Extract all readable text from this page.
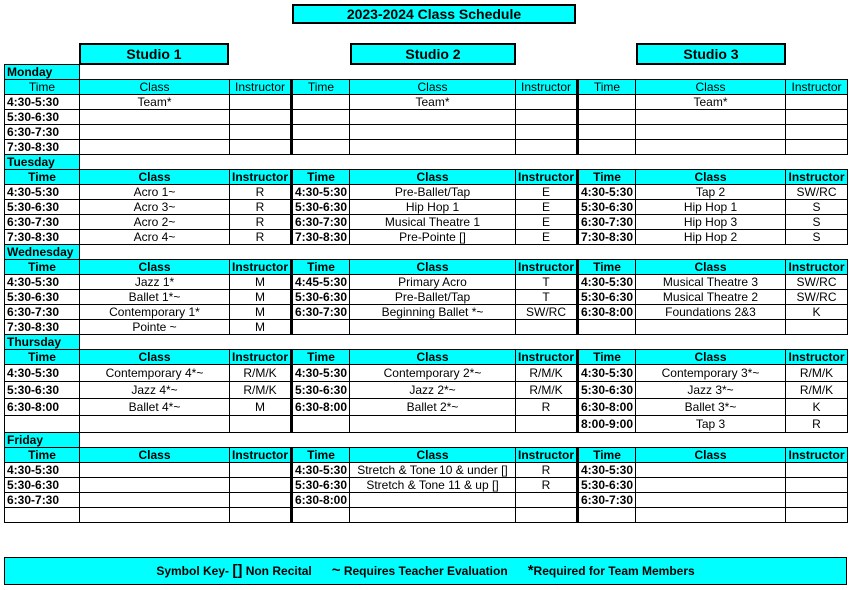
2023-2024 Class Schedule
Studio 1	Studio 2	Studio 3
Monday								
Time	Class	Instructor	Time	Class	Instructor	Time	Class	Instructor
4:30-5:30	Team*			Team*			Team*	
5:30-6:30								
6:30-7:30								
7:30-8:30								
Tuesday								
Time	Class	Instructor	Time	Class	Instructor	Time	Class	Instructor
4:30-5:30	Acro 1~	R	4:30-5:30	Pre-Ballet/Tap	E	4:30-5:30	Tap 2	SW/RC
5:30-6:30	Acro 3~	R	5:30-6:30	Hip Hop 1	E	5:30-6:30	Hip Hop 1	S
6:30-7:30	Acro 2~	R	6:30-7:30	Musical Theatre 1	E	6:30-7:30	Hip Hop 3	S
7:30-8:30	Acro 4~	R	7:30-8:30	Pre-Pointe []	E	7:30-8:30	Hip Hop 2	S
Wednesday								
Time	Class	Instructor	Time	Class	Instructor	Time	Class	Instructor
4:30-5:30	Jazz 1*	M	4:45-5:30	Primary Acro	T	4:30-5:30	Musical Theatre 3	SW/RC
5:30-6:30	Ballet 1*~	M	5:30-6:30	Pre-Ballet/Tap	T	5:30-6:30	Musical Theatre 2	SW/RC
6:30-7:30	Contemporary 1*	M	6:30-7:30	Beginning Ballet *~	SW/RC	6:30-8:00	Foundations 2&3	K
7:30-8:30	Pointe ~	M						
Thursday								
Time	Class	Instructor	Time	Class	Instructor	Time	Class	Instructor
4:30-5:30	Contemporary 4*~	R/M/K	4:30-5:30	Contemporary 2*~	R/M/K	4:30-5:30	Contemporary 3*~	R/M/K
5:30-6:30	Jazz 4*~	R/M/K	5:30-6:30	Jazz 2*~	R/M/K	5:30-6:30	Jazz 3*~	R/M/K
6:30-8:00	Ballet 4*~	M	6:30-8:00	Ballet 2*~	R	6:30-8:00	Ballet 3*~	K
						8:00-9:00	Tap 3	R
Friday								
Time	Class	Instructor	Time	Class	Instructor	Time	Class	Instructor
4:30-5:30			4:30-5:30	Stretch & Tone 10 & under []	R	4:30-5:30		
5:30-6:30			5:30-6:30	Stretch & Tone 11 & up []	R	5:30-6:30		
6:30-7:30			6:30-8:00			6:30-7:30		

Symbol Key- [] Non Recital ~ Requires Teacher Evaluation *Required for Team Members
